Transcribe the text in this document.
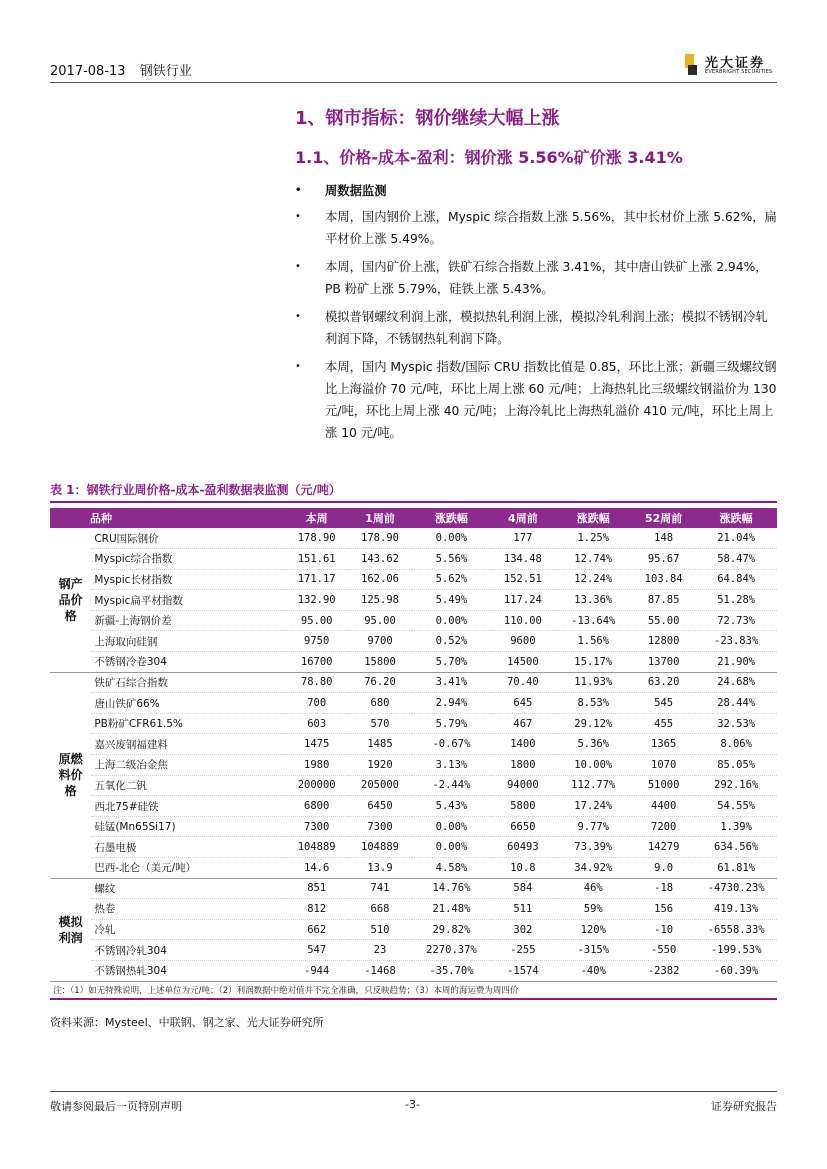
2017-08-13 钢铁行业
光大证券
EVERBRIGHT SECURITIES
1、钢市指标：钢价继续大幅上涨
1.1、价格-成本-盈利：钢价涨 5.56%矿价涨 3.41%
• 周数据监测
• 本周，国内钢价上涨，Myspic 综合指数上涨 5.56%，其中长材价上涨 5.62%，扁平材价上涨 5.49%。
• 本周，国内矿价上涨，铁矿石综合指数上涨 3.41%，其中唐山铁矿上涨 2.94%，PB 粉矿上涨 5.79%，硅铁上涨 5.43%。
• 模拟普钢螺纹利润上涨，模拟热轧利润上涨，模拟冷轧利润上涨；模拟不锈钢冷轧利润下降，不锈钢热轧利润下降。
• 本周，国内 Myspic 指数/国际 CRU 指数比值是 0.85，环比上涨；新疆三级螺纹钢比上海溢价 70 元/吨，环比上周上涨 60 元/吨；上海热轧比三级螺纹钢溢价为 130 元/吨，环比上周上涨 40 元/吨；上海冷轧比上海热轧溢价 410 元/吨，环比上周上涨 10 元/吨。
表 1：钢铁行业周价格-成本-盈利数据表监测（元/吨）
品种		本周	1周前	涨跌幅	4周前	涨跌幅	52周前	涨跌幅
钢产品价格	CRU国际钢价	178.90	178.90	0.00%	177	1.25%	148	21.04%
	Myspic综合指数	151.61	143.62	5.56%	134.48	12.74%	95.67	58.47%
	Myspic长材指数	171.17	162.06	5.62%	152.51	12.24%	103.84	64.84%
	Myspic扁平材指数	132.90	125.98	5.49%	117.24	13.36%	87.85	51.28%
	新疆-上海钢价差	95.00	95.00	0.00%	110.00	-13.64%	55.00	72.73%
	上海取向硅钢	9750	9700	0.52%	9600	1.56%	12800	-23.83%
	不锈钢冷卷304	16700	15800	5.70%	14500	15.17%	13700	21.90%
原燃料价格	铁矿石综合指数	78.80	76.20	3.41%	70.40	11.93%	63.20	24.68%
	唐山铁矿66%	700	680	2.94%	645	8.53%	545	28.44%
	PB粉矿CFR61.5%	603	570	5.79%	467	29.12%	455	32.53%
	嘉兴废钢福建料	1475	1485	-0.67%	1400	5.36%	1365	8.06%
	上海二级冶金焦	1980	1920	3.13%	1800	10.00%	1070	85.05%
	五氧化二钒	200000	205000	-2.44%	94000	112.77%	51000	292.16%
	西北75#硅铁	6800	6450	5.43%	5800	17.24%	4400	54.55%
	硅锰(Mn65Si17)	7300	7300	0.00%	6650	9.77%	7200	1.39%
	石墨电极	104889	104889	0.00%	60493	73.39%	14279	634.56%
	巴西-北仑（美元/吨）	14.6	13.9	4.58%	10.8	34.92%	9.0	61.81%
模拟利润	螺纹	851	741	14.76%	584	46%	-18	-4730.23%
	热卷	812	668	21.48%	511	59%	156	419.13%
	冷轧	662	510	29.82%	302	120%	-10	-6558.33%
	不锈钢冷轧304	547	23	2270.37%	-255	-315%	-550	-199.53%
	不锈钢热轧304	-944	-1468	-35.70%	-1574	-40%	-2382	-60.39%
注：（1）如无特殊说明，上述单位为元/吨；（2）利润数据中绝对值并不完全准确，只反映趋势；（3）本周的海运费为周四价								
资料来源：Mysteel、中联钢、钢之家、光大证券研究所
敬请参阅最后一页特别声明	-3-	证券研究报告
